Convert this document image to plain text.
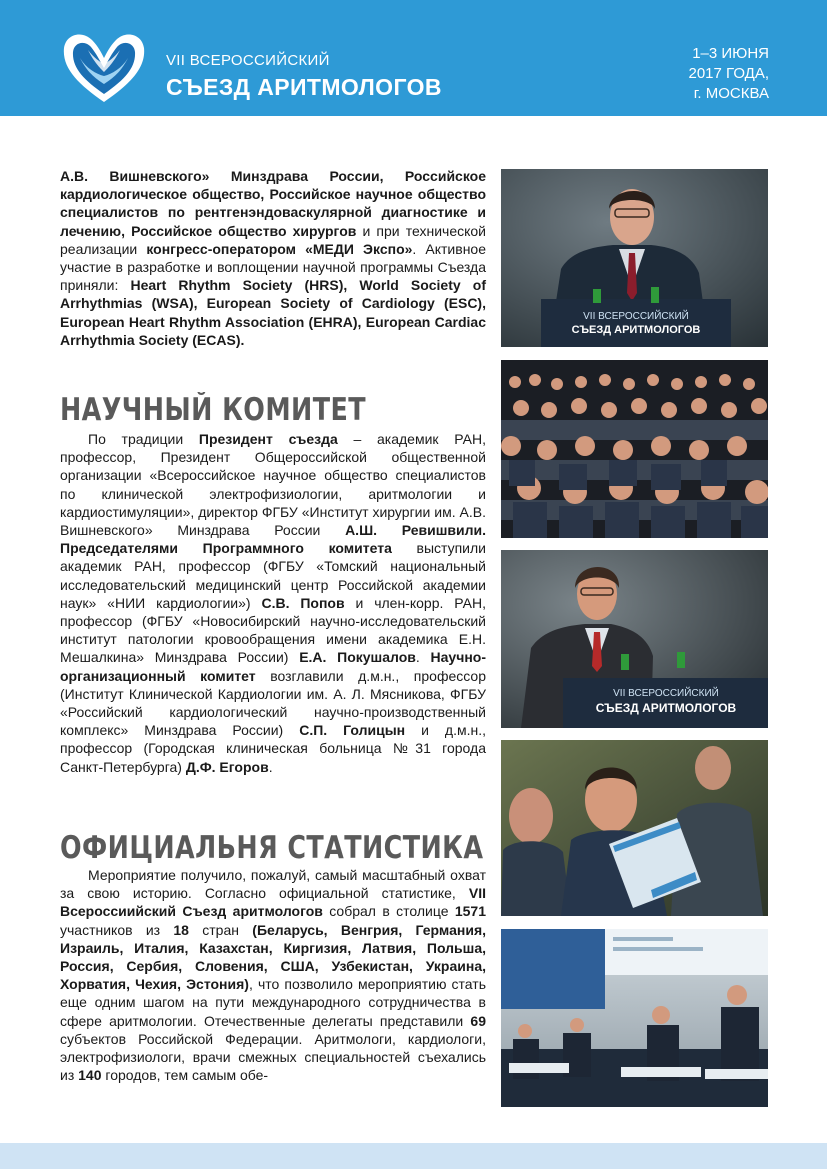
VII ВСЕРОССИЙСКИЙ
СЪЕЗД АРИТМОЛОГОВ
1–3 ИЮНЯ
2017 ГОДА,
г. МОСКВА

А.В. Вишневского» Минздрава России, Российское кардиологическое общество, Российское научное общество специалистов по рентгенэндоваскулярной диагностике и лечению, Российское общество хирургов и при технической реализации конгресс-оператором «МЕДИ Экспо». Активное участие в разработке и воплощении научной программы Съезда приняли: Heart Rhythm Society (HRS), World Society of Arrhythmias (WSA), European Society of Cardiology (ESC), European Heart Rhythm Association (EHRA), European Cardiac Arrhythmia Society (ECAS).

НАУЧНЫЙ КОМИТЕТ

По традиции Президент съезда – академик РАН, профессор, Президент Общероссийской общественной организации «Всероссийское научное общество специалистов по клинической электрофизиологии, аритмологии и кардиостимуляции», директор ФГБУ «Институт хирургии им. А.В. Вишневского» Минздрава России А.Ш. Ревишвили. Председателями Программного комитета выступили академик РАН, профессор (ФГБУ «Томский национальный исследовательский медицинский центр Российской академии наук» «НИИ кардиологии») С.В. Попов и член-корр. РАН, профессор (ФГБУ «Новосибирский научно-исследовательский институт патологии кровообращения имени академика Е.Н. Мешалкина» Минздрава России) Е.А. Покушалов. Научно-организационный комитет возглавили д.м.н., профессор (Институт Клинической Кардиологии им. А. Л. Мясникова, ФГБУ «Российский кардиологический научно-производственный комплекс» Минздрава России) С.П. Голицын и д.м.н., профессор (Городская клиническая больница №31 города Санкт-Петербурга) Д.Ф. Егоров.

ОФИЦИАЛЬНЯ СТАТИСТИКА

Мероприятие получило, пожалуй, самый масштабный охват за свою историю. Согласно официальной статистике, VII Всероссиийский Съезд аритмологов собрал в столице 1571 участников из 18 стран (Беларусь, Венгрия, Германия, Израиль, Италия, Казахстан, Киргизия, Латвия, Польша, Россия, Сербия, Словения, США, Узбекистан, Украина, Хорватия, Чехия, Эстония), что позволило мероприятию стать еще одним шагом на пути международного сотрудничества в сфере аритмологии. Отечественные делегаты представили 69 субъектов Российской Федерации. Аритмологи, кардиологи, электрофизиологи, врачи смежных специальностей съехались из 140 городов, тем самым обе-

VII ВСЕРОССИЙСКИЙ
СЪЕЗД АРИТМОЛОГОВ
VII ВСЕРОССИЙСКИЙ
СЪЕЗД АРИТМОЛОГОВ
